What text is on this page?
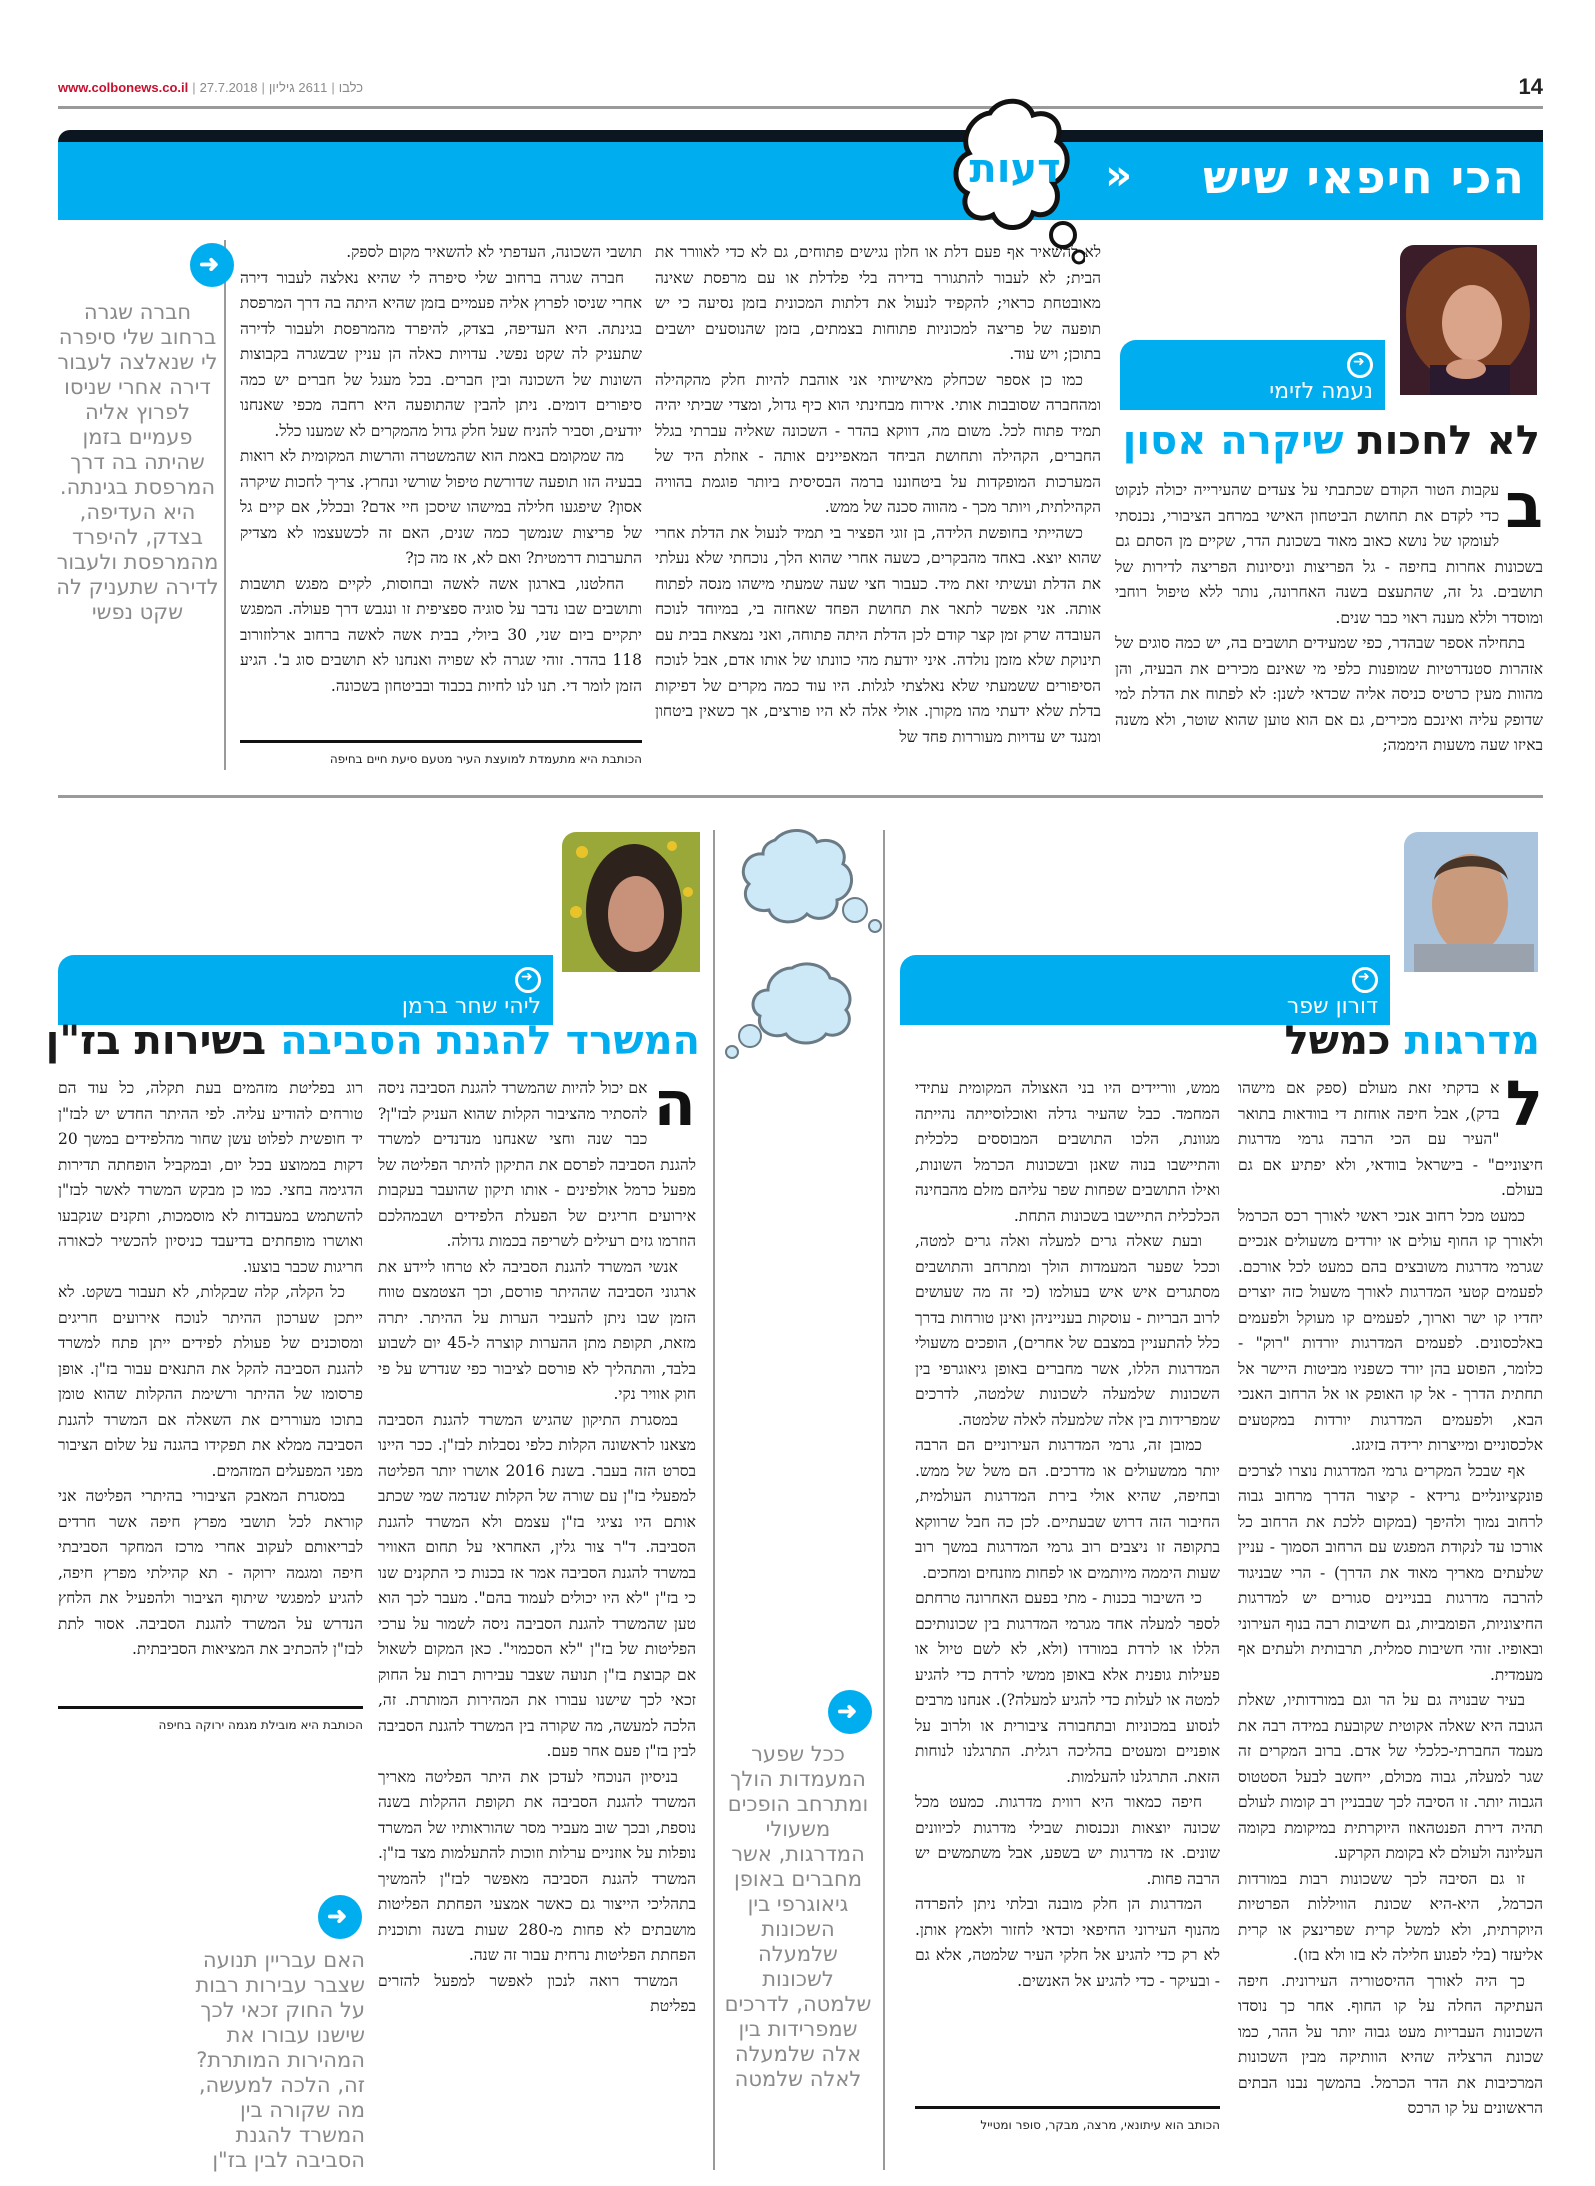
www.colbonews.co.il |	כלבו|2611 גיליון|27.7.2018	14
הכי חיפאי שיש
»
דעות
➜
נעמה לזימי
לא לחכות שיקרה אסון
ב

עקבות הטור הקודם שכתבתי על צעדים שהעירייה יכולה לנקוט כדי לקדם את תחושת הביטחון האישי במרחב הציבורי, נכנסתי לעומקו של נושא כאוב מאוד בשכונת הדר, שקיים מן הסתם גם בשכונות אחרות בחיפה - גל הפריצות וניסיונות הפריצה לדירות של תושבים. גל זה, שהתעצם בשנה האחרונה, נותר ללא טיפול רוחבי ומוסדר וללא מענה ראוי כבר שנים.

בתחילה אספר שבהדר, כפי שמעידים תושבים בה, יש כמה סוגים של אזהרות סטנדרטיות שמופנות כלפי מי שאינם מכירים את הבעיה, והן מהוות מעין כרטיס כניסה אליה שכדאי לשנן: לא לפתוח את הדלת למי שדופק עליה ואינכם מכירים, גם אם הוא טוען שהוא שוטר, ולא משנה באיזו שעה משעות היממה;

לא להשאיר אף פעם דלת או חלון נגישים פתוחים, גם לא כדי לאוורר את הבית; לא לעבור להתגורר בדירה בלי פלדלת או עם מרפסת שאינה מאובטחת כראוי; להקפיד לנעול את דלתות המכונית בזמן נסיעה כי יש תופעה של פריצה למכוניות פתוחות בצמתים, בזמן שהנוסעים יושבים בתוכן; ויש עוד.

כמו כן אספר שכחלק מאישיותי אני אוהבת להיות חלק מהקהילה ומהחברה שסובבות אותי. אירוח מבחינתי הוא כיף גדול, ומצדי שביתי יהיה תמיד פתוח לכל. משום מה, דווקא בהדר - השכונה שאליה עברתי בגלל החברים, הקהילה ותחושת הביחד המאפיינים אותה - אוזלת היד של המערכות המופקדות על ביטחוננו ברמה הבסיסית ביותר פוגמת בהוויה הקהילתית, ויותר מכך - מהווה סכנה של ממש.

כשהייתי בחופשת הלידה, בן זוגי הפציר בי תמיד לנעול את הדלת אחרי שהוא יוצא. באחד מהבקרים, כשעה אחרי שהוא הלך, נוכחתי שלא נעלתי את הדלת ועשיתי זאת מיד. כעבור חצי שעה שמעתי מישהו מנסה לפתוח אותה. אני אפשר לתאר את תחושת הפחד שאחזה בי, במיוחד לנוכח העובדה שרק זמן קצר קודם לכן הדלת היתה פתוחה, ואני נמצאת בבית עם תינוקת שלא מזמן נולדה. איני יודעת מהי כוונתו של אותו אדם, אבל לנוכח הסיפורים ששמעתי שלא נאלצתי לגלות. היו עוד כמה מקרים של דפיקות בדלת שלא ידעתי מהו מקורן. אולי אלה לא היו פורצים, אך כשאין ביטחון ומנגד יש עדויות מעוררות פחד של

תושבי השכונה, העדפתי לא להשאיר מקום לספק.

חברה שגרה ברחוב שלי סיפרה לי שהיא נאלצה לעבור דירה אחרי שניסו לפרוץ אליה פעמיים בזמן שהיא היתה בה דרך המרפסת בגינתה. היא העדיפה, בצדק, להיפרד מהמרפסת ולעבור לדירה שתעניק לה שקט נפשי. עדויות כאלה הן עניין שבשגרה בקבוצות השונות של השכונה ובין חברים. בכל מעגל של חברים יש כמה סיפורים דומים. ניתן להבין שהתופעה היא רחבה מכפי שאנחנו יודעים, וסביר להניח שעל חלק גדול מהמקרים לא שמענו כלל.

מה שמקומם באמת הוא שהמשטרה והרשות המקומית לא רואות בבעיה הזו תופעה שדורשת טיפול שורשי ונחרץ. צריך לחכות שיקרה אסון? שיפגעו חלילה במישהו שיסכן חיי אדם? ובכלל, אם קיים גל של פריצות שנמשך כמה שנים, האם זה לכשעצמו לא מצדיק התערבות דרמטית? ואם לא, אז מה כן?

החלטנו, בארגון אשה לאשה ובחוסות, לקיים מפגש תושבות ותושבים שבו נדבר על סוגיה ספציפית זו ונגבש דרך פעולה. המפגש יתקיים ביום שני, 30 ביולי, בבית אשה לאשה ברחוב ארלוזורוב 118 בהדר. זוהי שגרה לא שפויה ואנחנו לא תושבים סוג ב'. הגיע הזמן לומר די. תנו לנו לחיות בכבוד ובביטחון בשכונה.

הכותבת היא מתעמדת למועצת העיר מטעם סיעת חיים בחיפה
➜
חברה שגרה ברחוב שלי סיפרה לי שנאלצה לעבור דירה אחרי שניסו לפרוץ אליה פעמיים בזמן שהיתה בה דרך המרפסת בגינתה. היא העדיפה, בצדק, להיפרד מהמרפסת ולעבור לדירה שתעניק לה שקט נפשי
➜
דורון שפר
מדרגות כמשל
ל

א בדקתי זאת מעולם (ספק אם מישהו בדק), אבל חיפה אוחזת די בוודאות בתואר "העיר עם הכי הרבה גרמי מדרגות חיצוניים" - בישראל בוודאי, ולא יפתיע אם גם בעולם.

כמעט מכל רחוב אנכי ראשי לאורך רכס הכרמל ולאורך קו החוף עולים או יורדים משעולים אנכיים שגרמי מדרגות משובצים בהם כמעט לכל אורכם. לפעמים קטעי המדרגות לאורך משעול כזה יוצרים יחדיו קו ישר וארוך, לפעמים קו מעוקל ולפעמים באלכסונים. לפעמים המדרגות יורדות "רוק" - כלומר, הפוסע בהן יורד כשפניו מביטות היישר אל תחתית הדרך - אל קו האופק או אל הרחוב האנכי הבא, ולפעמים המדרגות יורדות במקטעים אלכסוניים ומייצרות ירידה בזיגזג.

אף שבכל המקרים גרמי המדרגות נוצרו לצרכים פונקציונליים גרידא - קיצור הדרך מרחוב גבוה לרחוב נמוך ולהיפך (במקום ללכת את הרחוב כל אורכו עד לנקודת המפגש עם הרחוב הסמוך - עניין שלעתים מאריך מאוד את הדרך) - הרי שבניגוד להרבה מדרגות בבניינים סגורים יש למדרגות החיצוניות, הפומביות, גם חשיבות רבה בנוף העירוני ובאופיו. זוהי חשיבות סמלית, תרבותית ולעתים אף מעמדית.

בעיר שבנויה גם על הר וגם במורדותיו, שאלת הגובה היא שאלה אקוטית שקובעת במידה רבה את מעמד החברתי-כלכלי של אדם. ברוב המקרים זה שגר למעלה, גבוה מכולם, ייחשב לבעל הסטטוס הגבוה יותר. זו הסיבה לכך שבבניין רב קומות לעולם תהיה דירת הפנטהאוז היוקרתית במיקומת בקומה העליונה ולעולם לא בקומת הקרקע.

זו גם הסיבה לכך ששכונות רבות במורדות הכרמל, היא-היא שכונת הוויללות הפרטיות היוקרתית, ולא למשל קרית שפרינצק או קרית אליעזר (בלי לפגוע חלילה לא בזו ולא בזו).

כך היה לאורך ההיסטוריה העירונית. חיפה העתיקה החלה על קו החוף. אחר כך נוסדו השכונות העבריות מעט גבוה יותר על ההר, כמו שכונת הרצליה שהיא הוותיקה מבין השכונות המרכיבות את הדר הכרמל. בהמשך נבנו הבתים הראשונים על קו הרכס

ממש, ווריידים היו בני האצולה המקומית עתידי המחמד. כבל שהעיר גדלה ואוכלוסייתה נהייתה מגוונת, הלכו התושבים המבוססים כלכלית והתיישבו בנוה שאנן ובשכונות הכרמל השונות, ואילו התושבים שפחות שפר עליהם מזלם מהבחינה הכלכלית התיישבו בשכונות התחת.

ובעת שאלה גרים למעלה ואלה גרים למטה, וככל שפער המעמדות הולך ומתרחב והתושבים מסתגרים איש איש בעולמו (כי זה מה שעושים לרוב הבריות - עוסקות בענייניהן ואינן טורחות בדרך כלל להתעניין במצבם של אחרים), הופכים משעולי המדרגות הללו, אשר מחברים באופן גיאוגרפי בין השכונות שלמעלה לשכונות שלמטה, לדרכים שמפרידות בין אלה שלמעלה לאלה שלמטה.

כמובן זה, גרמי המדרגות העירוניים הם הרבה יותר ממשעולים או מדרכים. הם משל של ממש. ובחיפה, שהיא אולי בירת המדרגות העולמית, החיבור הזה דרוש שבעתיים. לכן כה חבל שרווקא בתקופה זו ניצבים רוב גרמי המדרגות במשך רוב שעות היממה מיותמים או לפחות מוזנחים ומחכים.

כי השיבור בכנות - מתי בפעם האחרונה טרחתם לספר למעלה אחד מגרמי המדרגות בין שכונותיכם הללו או לרדת במורדו (ולא, לא לשם טיול או פעילות גופנית אלא באופן ממשי לרדת כדי להגיע למטה או לעלות כדי להגיע למעלה?). אנחנו מרבים לנסוע במכוניות ובתחבורה ציבורית או ולרוב על אופניים ומעטים בהליכה רגלית. התרגלנו לנוחות הזאת. התרגלנו להעלמות.

חיפה כמאור היא רווית מדרגות. כמעט מכל שכונה יוצאות ונכנסות שבילי מדרגות לכיוונים שונים. אז מדרגות יש בשפע, אבל משתמשים יש הרבה פחות.

המדרגות הן חלק מובנה ובלתי ניתן להפרדה מהנוף העירוני החיפאי וכדאי לחזור ולאמץ אותן. לא רק כדי להגיע אל חלקי העיר שלמטה, אלא גם - ובעיקר - כדי להגיע אל האנשים.

הכותב הוא עיתונאי, מרצה, מבקר, סופר ומטייל
➜
ככל שפער המעמדות הולך ומתרחב הופכים משעולי המדרגות, אשר מחברים באופן גיאוגרפי בין השכונות שלמעלה לשכונות שלמטה, לדרכים שמפרידות בין אלה שלמעלה לאלה שלמטה
➜
ליהי שחר ברמן
המשרד להגנת הסביבה בשירות בז"ן
ה

אם יכול להיות שהמשרד להגנת הסביבה ניסה להסתיר מהציבור הקלות שהוא העניק לבז"ן? כבר שנה וחצי שאנחנו מנדנדים למשרד להגנת הסביבה לפרסם את התיקון להיתר הפליטה של מפעל כרמל אולפינים - אותו תיקון שהועבר בעקבות אירועים חריגים של הפעלת הלפידים ושבמהלכם הוזרמו גזים רעילים לשריפה בכמות גדולה.

אנשי המשרד להגנת הסביבה לא טרחו ליידע את ארגוני הסביבה שההיתר פורסם, וכך הצטמצם טווח הזמן שבו ניתן להעביר הערות על ההיתר. יתרה מזאת, תקופת מתן ההערות קוצרה ל-45 יום לשבוע בלבד, והתהליך לא פורסם לציבור כפי שנדרש על פי חוק אוויר נקי.

במסגרת התיקון שהגיש המשרד להגנת הסביבה מצאנו לראשונה הקלות כלפי נסבלות לבז"ן. ככר היינו בסרט הזה בעבר. בשנת 2016 אושרו יותר הפליטה למפעלי בז"ן עם שורה של הקלות שנדמה שמי שכתב אותם היו נציגי בז"ן עצמם ולא המשרד להגנת הסביבה. ד"ר צור גלין, האחראי על תחום האוויר במשרד להגנת הסביבה אמר אז בכנות כי התקנים שנו כי בז"ן "לא היו יכולים לעמוד בהם". מעבר לכך הוא טען שהמשרד להגנת הסביבה ניסה לשמור על ערכי הפליטות של בז"ן "לא הסכמוי". כאן המקום לשאול אם קבוצת בז"ן תנועה שצבר עבירות רבות על החוק זכאי לכך שישנו עבורו את המהירות המותרת. זה, הלכה למעשה, מה שקורה בין המשרד להגנת הסביבה לבין בז"ן פעם אחר פעם.

בניסיון הנוכחי לעדכן את היתר הפליטה מאריך המשרד להגנת הסביבה את תקופת ההקלות בשנה נוספת, ובכך שוב מעביר מסר שהוראותיו של המשרד נופלות על אוזניים ערלות וזוכות להתעלמות מצד בז"ן. המשרד להגנת הסביבה מאפשר לבז"ן להמשיך בתהליכי הייצור גם כאשר אמצעי הפחתת הפליטות מושבתים לא פחות מ-280 שעות בשנה ותוכנית הפחתת הפליטות נרחית עבור זה שנה.

המשרד רואה לנכון לאפשר למפעל להזרים בפליטת

רוג בפליטת מזהמים בעת תקלה, כל עוד הם טורחים להודיע עליה. לפי ההיתר החדש יש לבז"ן יד חופשית לפלוט עשן שחור מהלפידים במשך 20 דקות בממוצע בכל יום, ובמקביל הופחתה תדירות הדגימה בחצי. כמו כן מבקש המשרד לאשר לבז"ן להשתמש במעבדות לא מוסמכות, ותקנים שנקבעו ואושרו מופחתים בדיעבד כניסיון להכשיר לכאורה חריגות שכבר בוצעו.

כל הקלה, קלה שבקלות, לא תעבור בשקט. לא ייתכן שערכון ההיתר לנוכח אירועים חריגים ומסוכנים של פעולת לפידים ייתן פתח למשרד להגנת הסביבה להקל את התנאים עבור בז"ן. אופן פרסומו של ההיתר ורשימת ההקלות שהוא טומן בתוכו מעוררים את השאלה אם המשרד להגנת הסביבה ממלא את תפקידו בהגנה על שלום הציבור מפני המפעלים המזהמים.

במסגרת המאבק הציבורי בהיתרי הפליטה אני קוראת לכל תושבי מפרץ חיפה אשר חרדים לבריאותם לעקוב אחרי מרכז המחקר הסביבתי חיפה ומגמה ירוקה - תא קהילתי מפרץ חיפה, להגיע למפגשי שיתוף הציבור ולהפעיל את הלחץ הנדרש על המשרד להגנת הסביבה. אסור לתת לבז"ן להכתיב את המציאות הסביבתית.

הכותבת היא מובילת מגמה ירוקה בחיפה
➜
האם עבריין תנועה שצבר עבירות רבות על החוק זכאי לכך שישנו עבורו את המהירות המותרת? זה, הלכה למעשה, מה שקורה בין המשרד להגנת הסביבה לבין בז"ן
